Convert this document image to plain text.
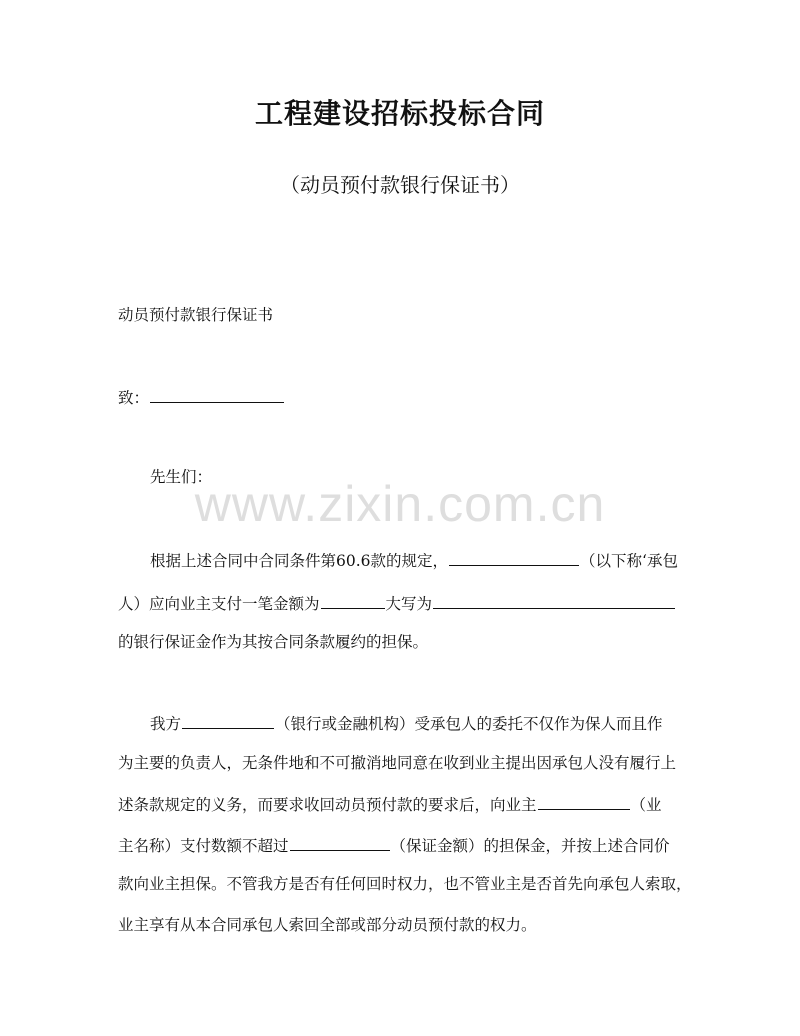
工程建设招标投标合同
（动员预付款银行保证书）
动员预付款银行保证书
致：
先生们：
www.zixin.com.cn
根据上述合同中合同条件第60.6款的规定，	（以下称‘承包
人）应向业主支付一笔金额为	大写为
的银行保证金作为其按合同条款履约的担保。
我方	（银行或金融机构）受承包人的委托不仅作为保人而且作
为主要的负责人，无条件地和不可撤消地同意在收到业主提出因承包人没有履行上
述条款规定的义务，而要求收回动员预付款的要求后，向业主	（业
主名称）支付数额不超过	（保证金额）的担保金，并按上述合同价
款向业主担保。不管我方是否有任何回时权力，也不管业主是否首先向承包人索取，
业主享有从本合同承包人索回全部或部分动员预付款的权力。
